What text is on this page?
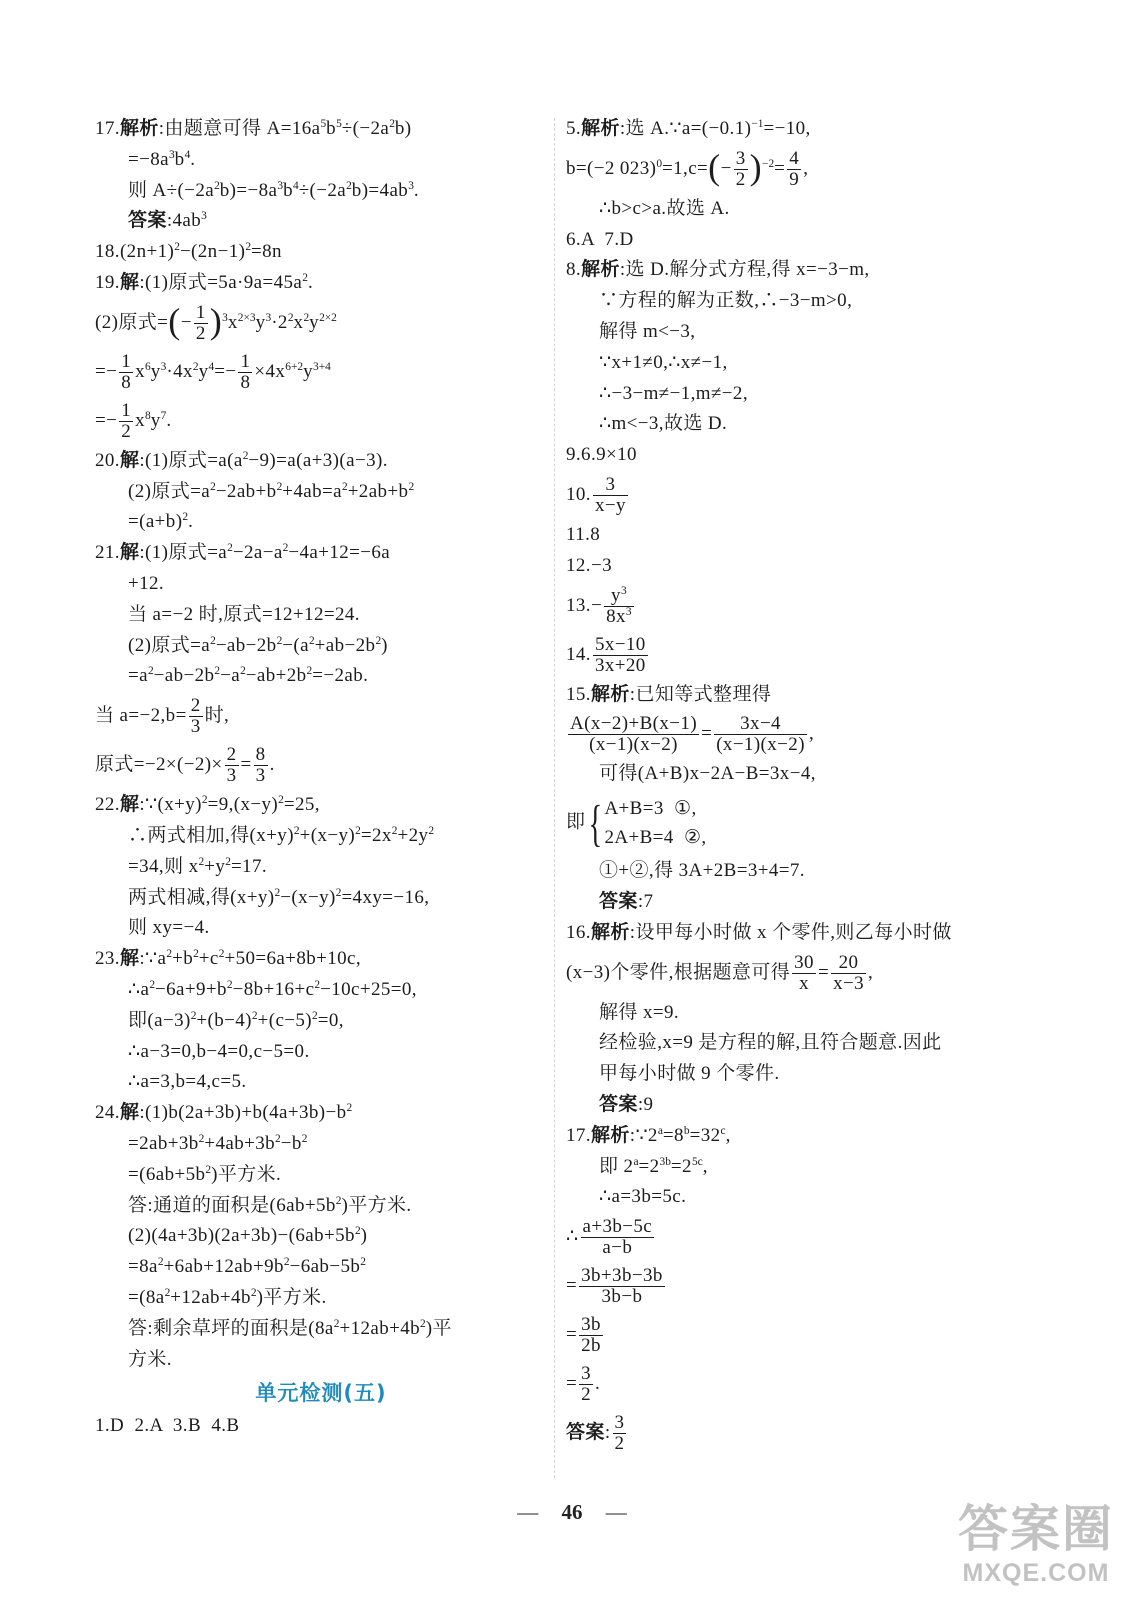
17.解析:由题意可得 $A=16a^5b^5\div(-2a^2b)$
$=-8a^3b^4$.
则 $A\div(-2a^2b)=-8a^3b^4\div(-2a^2b)=4ab^3$.
答案$:4ab^3$
$18.(2n+1)^2-(2n-1)^2=8n$
19.解:(1)原式$=5a\cdot 9a=45a^2$.
(2)原式=(− $\frac{1}{2} )^3x^{2\times 3}y^3\cdot 2^2x^2y^{2\times 2}$
=− $\frac{1}{8} x^6y^3\cdot 4x^2y^4=- \frac{1}{8} \times 4x^{6+2}y^{3+4}$
=− $\frac{1}{2} x^8y^7$.
20.解:(1)原式$=a(a^2-9)=a(a+3)(a-3)$.
(2)原式$=a^2-2ab+b^2+4ab=a^2+2ab+b^2$
$=(a+b)^2$.
21.解:(1)原式$=a^2-2a-a^2-4a+12=-6a$
+12.
当 a=−2 时,原式=12+12=24.
(2)原式$=a^2-ab-2b^2-(a^2+ab-2b^2)$
$=a^2-ab-2b^2-a^2-ab+2b^2=-2ab$.
当 $a=-2,b= \frac{2}{3}$ 时,
原式$=-2\times(-2)\times \frac{2}{3} = \frac{8}{3}$ .
22.解$:\because(x+y)^2=9,(x-y)^2=25$,
∴两式相加,得$(x+y)^2+(x-y)^2=2x^2+2y^2$
=34,则 $x^2+y^2=17$.
两式相减,得$(x+y)^2-(x-y)^2=4xy=-16$,
则 xy=−4.
23.解$:\because a^2+b^2+c^2+50=6a+8b+10c$,
$\therefore a^2-6a+9+b^2-8b+16+c^2-10c+25=0$,
即$(a-3)^2+(b-4)^2+(c-5)^2=0$,
∴a−3=0,b−4=0,c−5=0.
∴a=3,b=4,c=5.
24.解$:(1)b(2a+3b)+b(4a+3b)-b^2$
$=2ab+3b^2+4ab+3b^2-b^2$
$=(6ab+5b^2)$平方米.
答:通道的面积是$(6ab+5b^2)$平方米.
$(2)(4a+3b)(2a+3b)-(6ab+5b^2)$
$=8a^2+6ab+12ab+9b^2-6ab-5b^2$
$=(8a^2+12ab+4b^2)$平方米.
答:剩余草坪的面积是$(8a^2+12ab+4b^2)$平
方米.
单元检测(五)
1.D  2.A  3.B  4.B
5.解析:选 $A.\because a=(-0.1)^{-1}=-10$,
b=(−2 $023)^0=1,c=(- \frac{3}{2} )^{-2}= \frac{4}{9}$ ,
∴b>c>a.故选 A.
6.A  7.D
8.解析:选 D.解分式方程,得 x=−3−m,
∵方程的解为正数,∴−3−m>0,
解得 m<−3,
∵x+1≠0,∴x≠−1,
∴−3−m≠−1,m≠−2,
∴m<−3,故选 D.
9.6.9×10
10. $\frac{3}{x-y}$
11.8
12.−3
$13.- \frac{y^3}{8x^3}$
14. $\frac{5x-10}{3x+20}$
15.解析:已知等式整理得
$\frac{A(x-2)+B(x-1)}{(x-1)(x-2)} = \frac{3x-4}{(x-1)(x-2)}$ ,
可得(A+B)x−2A−B=3x−4,
即{ A+B=3  ①,
2A+B=4  ②,
①+②,得 3A+2B=3+4=7.
答案:7
16.解析:设甲每小时做 x 个零件,则乙每小时做
(x−3)个零件,根据题意可得 $\frac{30}{x} = \frac{20}{x-3}$ ,
解得 x=9.
经检验,x=9 是方程的解,且符合题意.因此
甲每小时做 9 个零件.
答案:9
17.解析$:\because 2^a=8^b=32^c$,
即 $2^a=2^{3b}=2^{5c}$,
∴a=3b=5c.
∴ $\frac{a+3b-5c}{a-b}$
= $\frac{3b+3b-3b}{3b-b}$
= $\frac{3b}{2b}$
= $\frac{3}{2}$ .
答案: $\frac{3}{2}$
— 46 —	答案圈
MXQE.COM
